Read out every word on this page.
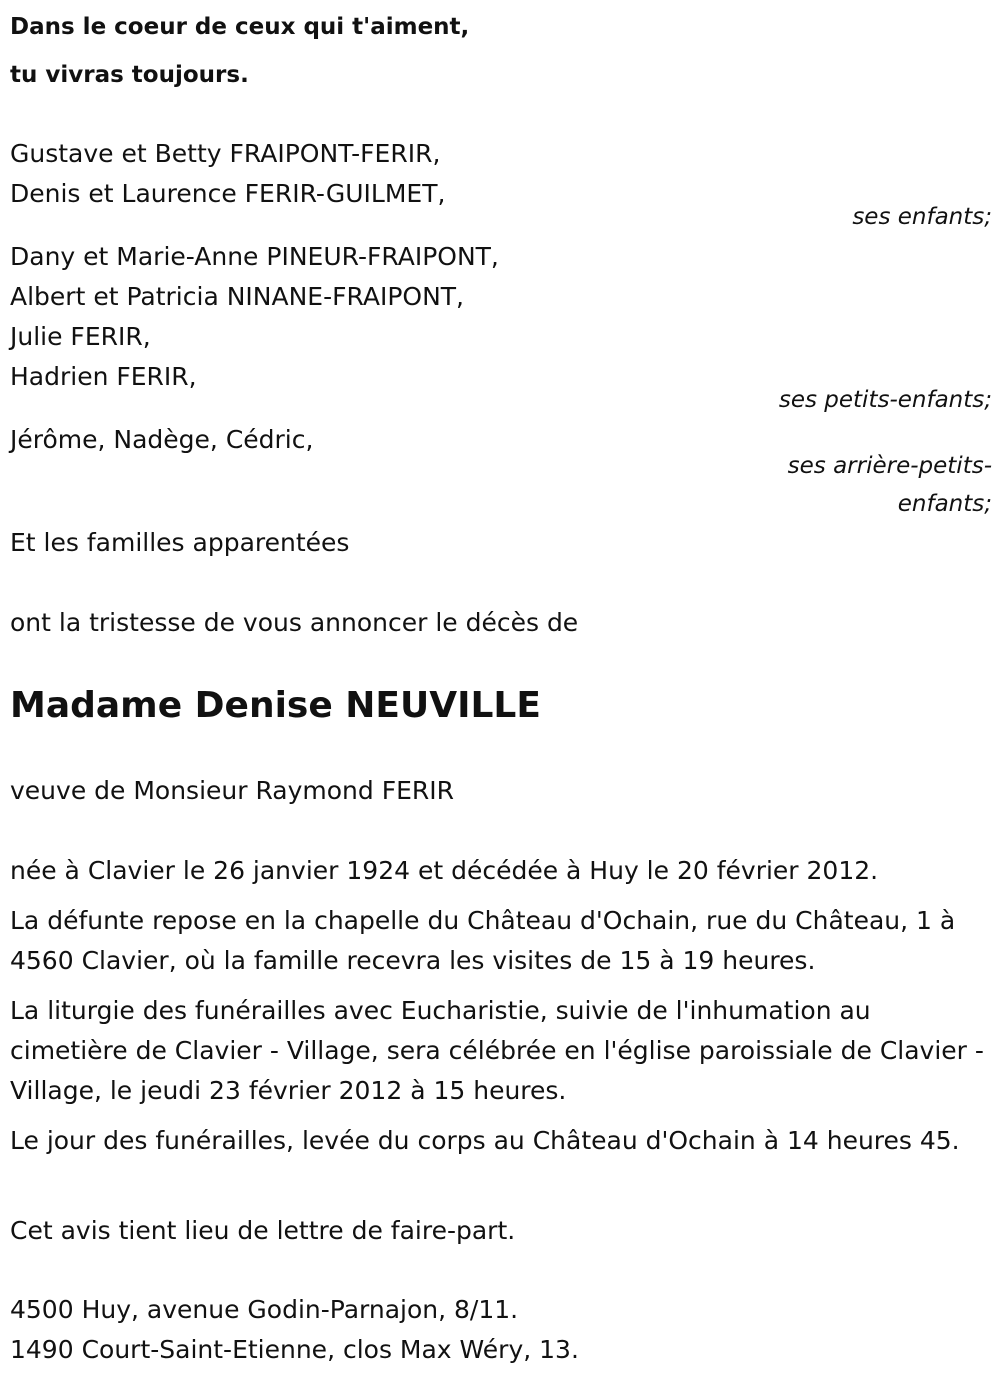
Dans le coeur de ceux qui t'aiment,
tu vivras toujours.
Gustave et Betty FRAIPONT-FERIR,
Denis et Laurence FERIR-GUILMET,
ses enfants;
Dany et Marie-Anne PINEUR-FRAIPONT,
Albert et Patricia NINANE-FRAIPONT,
Julie FERIR,
Hadrien FERIR,
ses petits-enfants;
Jérôme, Nadège, Cédric,
ses arrière-petits-enfants;
Et les familles apparentées
ont la tristesse de vous annoncer le décès de
Madame Denise NEUVILLE
veuve de Monsieur Raymond FERIR
née à Clavier le 26 janvier 1924 et décédée à Huy le 20 février 2012.
La défunte repose en la chapelle du Château d'Ochain, rue du Château, 1 à 4560 Clavier, où la famille recevra les visites de 15 à 19 heures.
La liturgie des funérailles avec Eucharistie, suivie de l'inhumation au cimetière de Clavier - Village, sera célébrée en l'église paroissiale de Clavier - Village, le jeudi 23 février 2012 à 15 heures.
Le jour des funérailles, levée du corps au Château d'Ochain à 14 heures 45.
Cet avis tient lieu de lettre de faire-part.
4500 Huy, avenue Godin-Parnajon, 8/11.
1490 Court-Saint-Etienne, clos Max Wéry, 13.
